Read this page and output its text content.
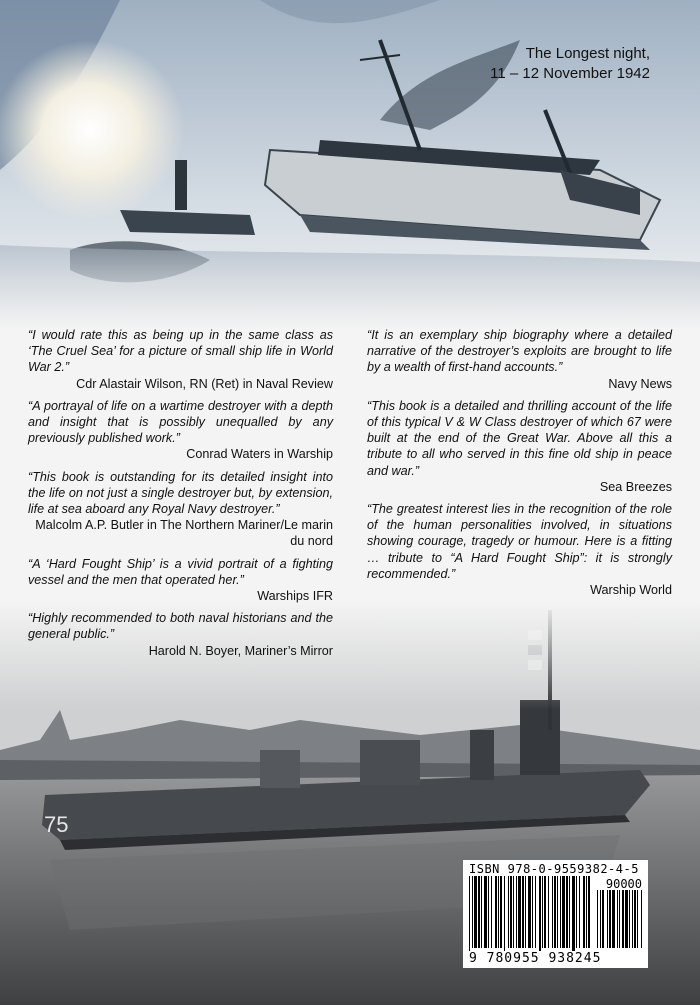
The Longest night,
11 – 12 November 1942
75
“I would rate this as being up in the same class as ‘The Cruel Sea’ for a picture of small ship life in World War 2.”
Cdr Alastair Wilson, RN (Ret) in Naval Review
“A portrayal of life on a wartime destroyer with a depth and insight that is possibly unequalled by any previously published work.”
Conrad Waters in Warship
“This book is outstanding for its detailed insight into the life on not just a single destroyer but, by extension, life at sea aboard any Royal Navy destroyer.”
Malcolm A.P. Butler in The Northern Mariner/Le marin du nord
“A ‘Hard Fought Ship’ is a vivid portrait of a fighting vessel and the men that operated her.”
Warships IFR
“Highly recommended to both naval historians and the general public.”
Harold N. Boyer, Mariner’s Mirror
“It is an exemplary ship biography where a detailed narrative of the destroyer’s exploits are brought to life by a wealth of first-hand accounts.”
Navy News
“This book is a detailed and thrilling account of the life of this typical V & W Class destroyer of which 67 were built at the end of the Great War. Above all this a tribute to all who served in this fine old ship in peace and war.”
Sea Breezes
“The greatest interest lies in the recognition of the role of the human personalities involved, in situations showing courage, tragedy or humour. Here is a fitting … tribute to “A Hard Fought Ship”: it is strongly recommended.”
Warship World
ISBN 978-0-9559382-4-5
90000
9 780955 938245
